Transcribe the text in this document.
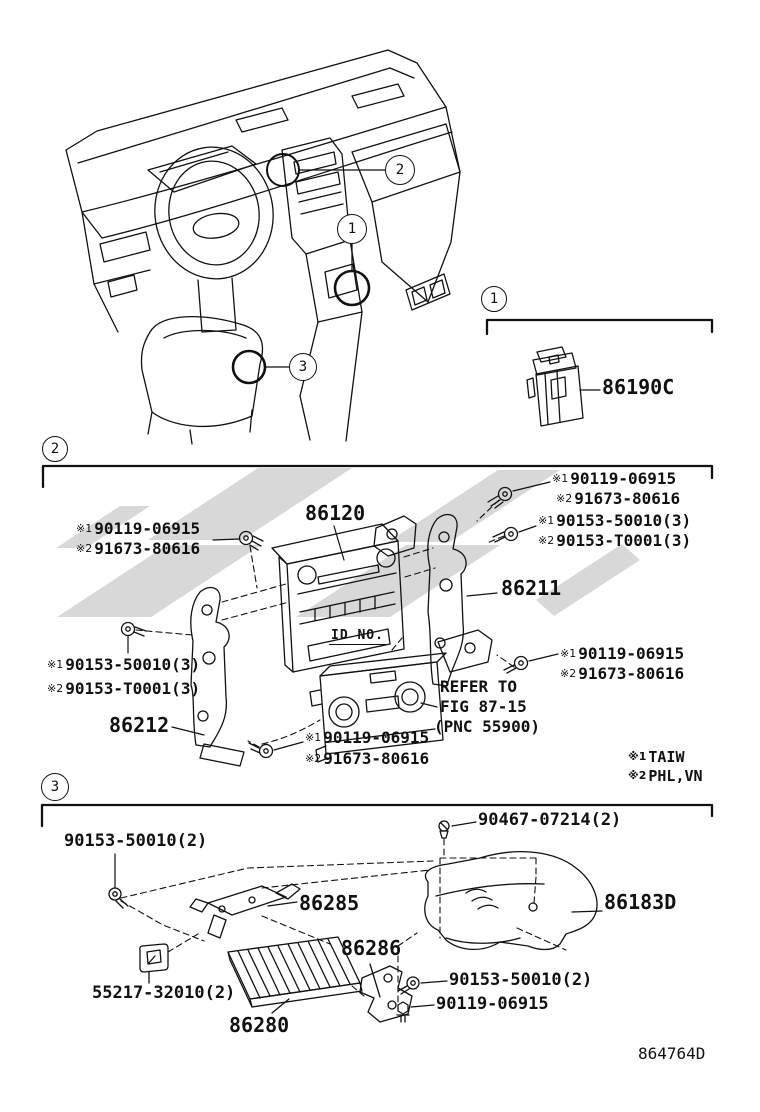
2
1
3
1
2
3
86190C
86120
86211
86212
ID NO.
※1 90119-06915
※2 91673-80616
※1 90119-06915
※2 91673-80616
※1 90153-50010(3)
※2 90153-T0001(3)
※1 90153-50010(3)
※2 90153-T0001(3)
※1 90119-06915
※2 91673-80616
※1 90119-06915
※2 91673-80616
REFER TO
FIG 87-15
(PNC 55900)
※1 TAIW
※2 PHL,VN
90467-07214(2)
90153-50010(2)
86285	86183D
86286
90153-50010(2)
90119-06915
55217-32010(2)
86280
864764D
